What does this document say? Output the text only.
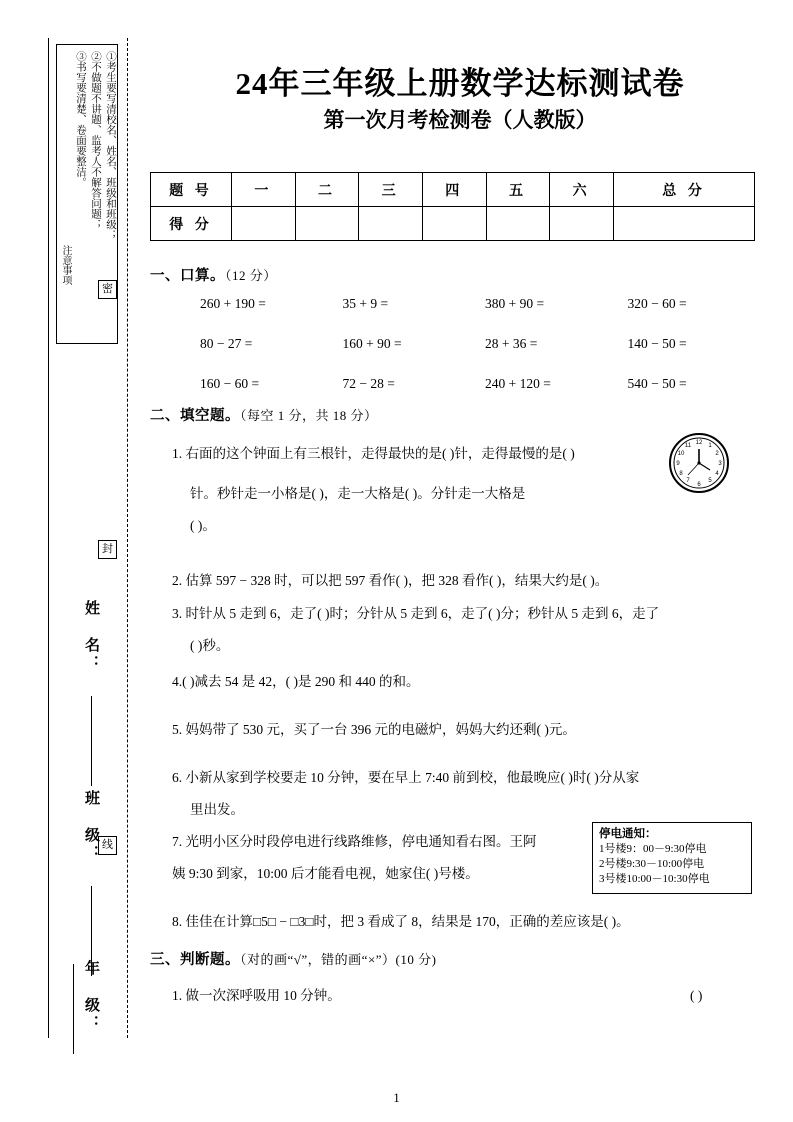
注意事项
①考生要写清校名、姓名、班级和班级；
②不做题不讲题、监考人不解答问题；
③书写要清楚、卷面要整洁。
密
封
线
姓 名：
班 级：
年 级：
24年三年级上册数学达标测试卷
第一次月考检测卷（人教版）
题 号	一	二	三	四	五	六	总 分
得 分							
一、口算。（12 分）
260 + 190 =	35 + 9 =	380 + 90 =	320 − 60 =
80 − 27 =	160 + 90 =	28 + 36 =	140 − 50 =
160 − 60 =	72 − 28 =	240 + 120 =	540 − 50 =
二、填空题。（每空 1 分，共 18 分）
1. 右面的这个钟面上有三根针，走得最快的是( )针，走得最慢的是( )
针。秒针走一小格是( )，走一大格是( )。分针走一大格是
( )。
12 1
2
3
4
5
6
7
8
9
10
11
2. 估算 597 − 328 时，可以把 597 看作( )，把 328 看作( )，结果大约是( )。
3. 时针从 5 走到 6，走了( )时；分针从 5 走到 6，走了( )分；秒针从 5 走到 6，走了
( )秒。
4.( )减去 54 是 42，( )是 290 和 440 的和。
5. 妈妈带了 530 元，买了一台 396 元的电磁炉，妈妈大约还剩( )元。
6. 小新从家到学校要走 10 分钟，要在早上 7:40 前到校，他最晚应( )时( )分从家
里出发。
7. 光明小区分时段停电进行线路维修，停电通知看右图。王阿
姨 9:30 到家，10:00 后才能看电视，她家住( )号楼。
停电通知：
1号楼9：00－9:30停电
2号楼9:30－10:00停电
3号楼10:00－10:30停电
8. 佳佳在计算□5□ − □3□时，把 3 看成了 8，结果是 170，正确的差应该是( )。
三、判断题。（对的画“√”，错的画“×”）(10 分)
1. 做一次深呼吸用 10 分钟。	( )
1
